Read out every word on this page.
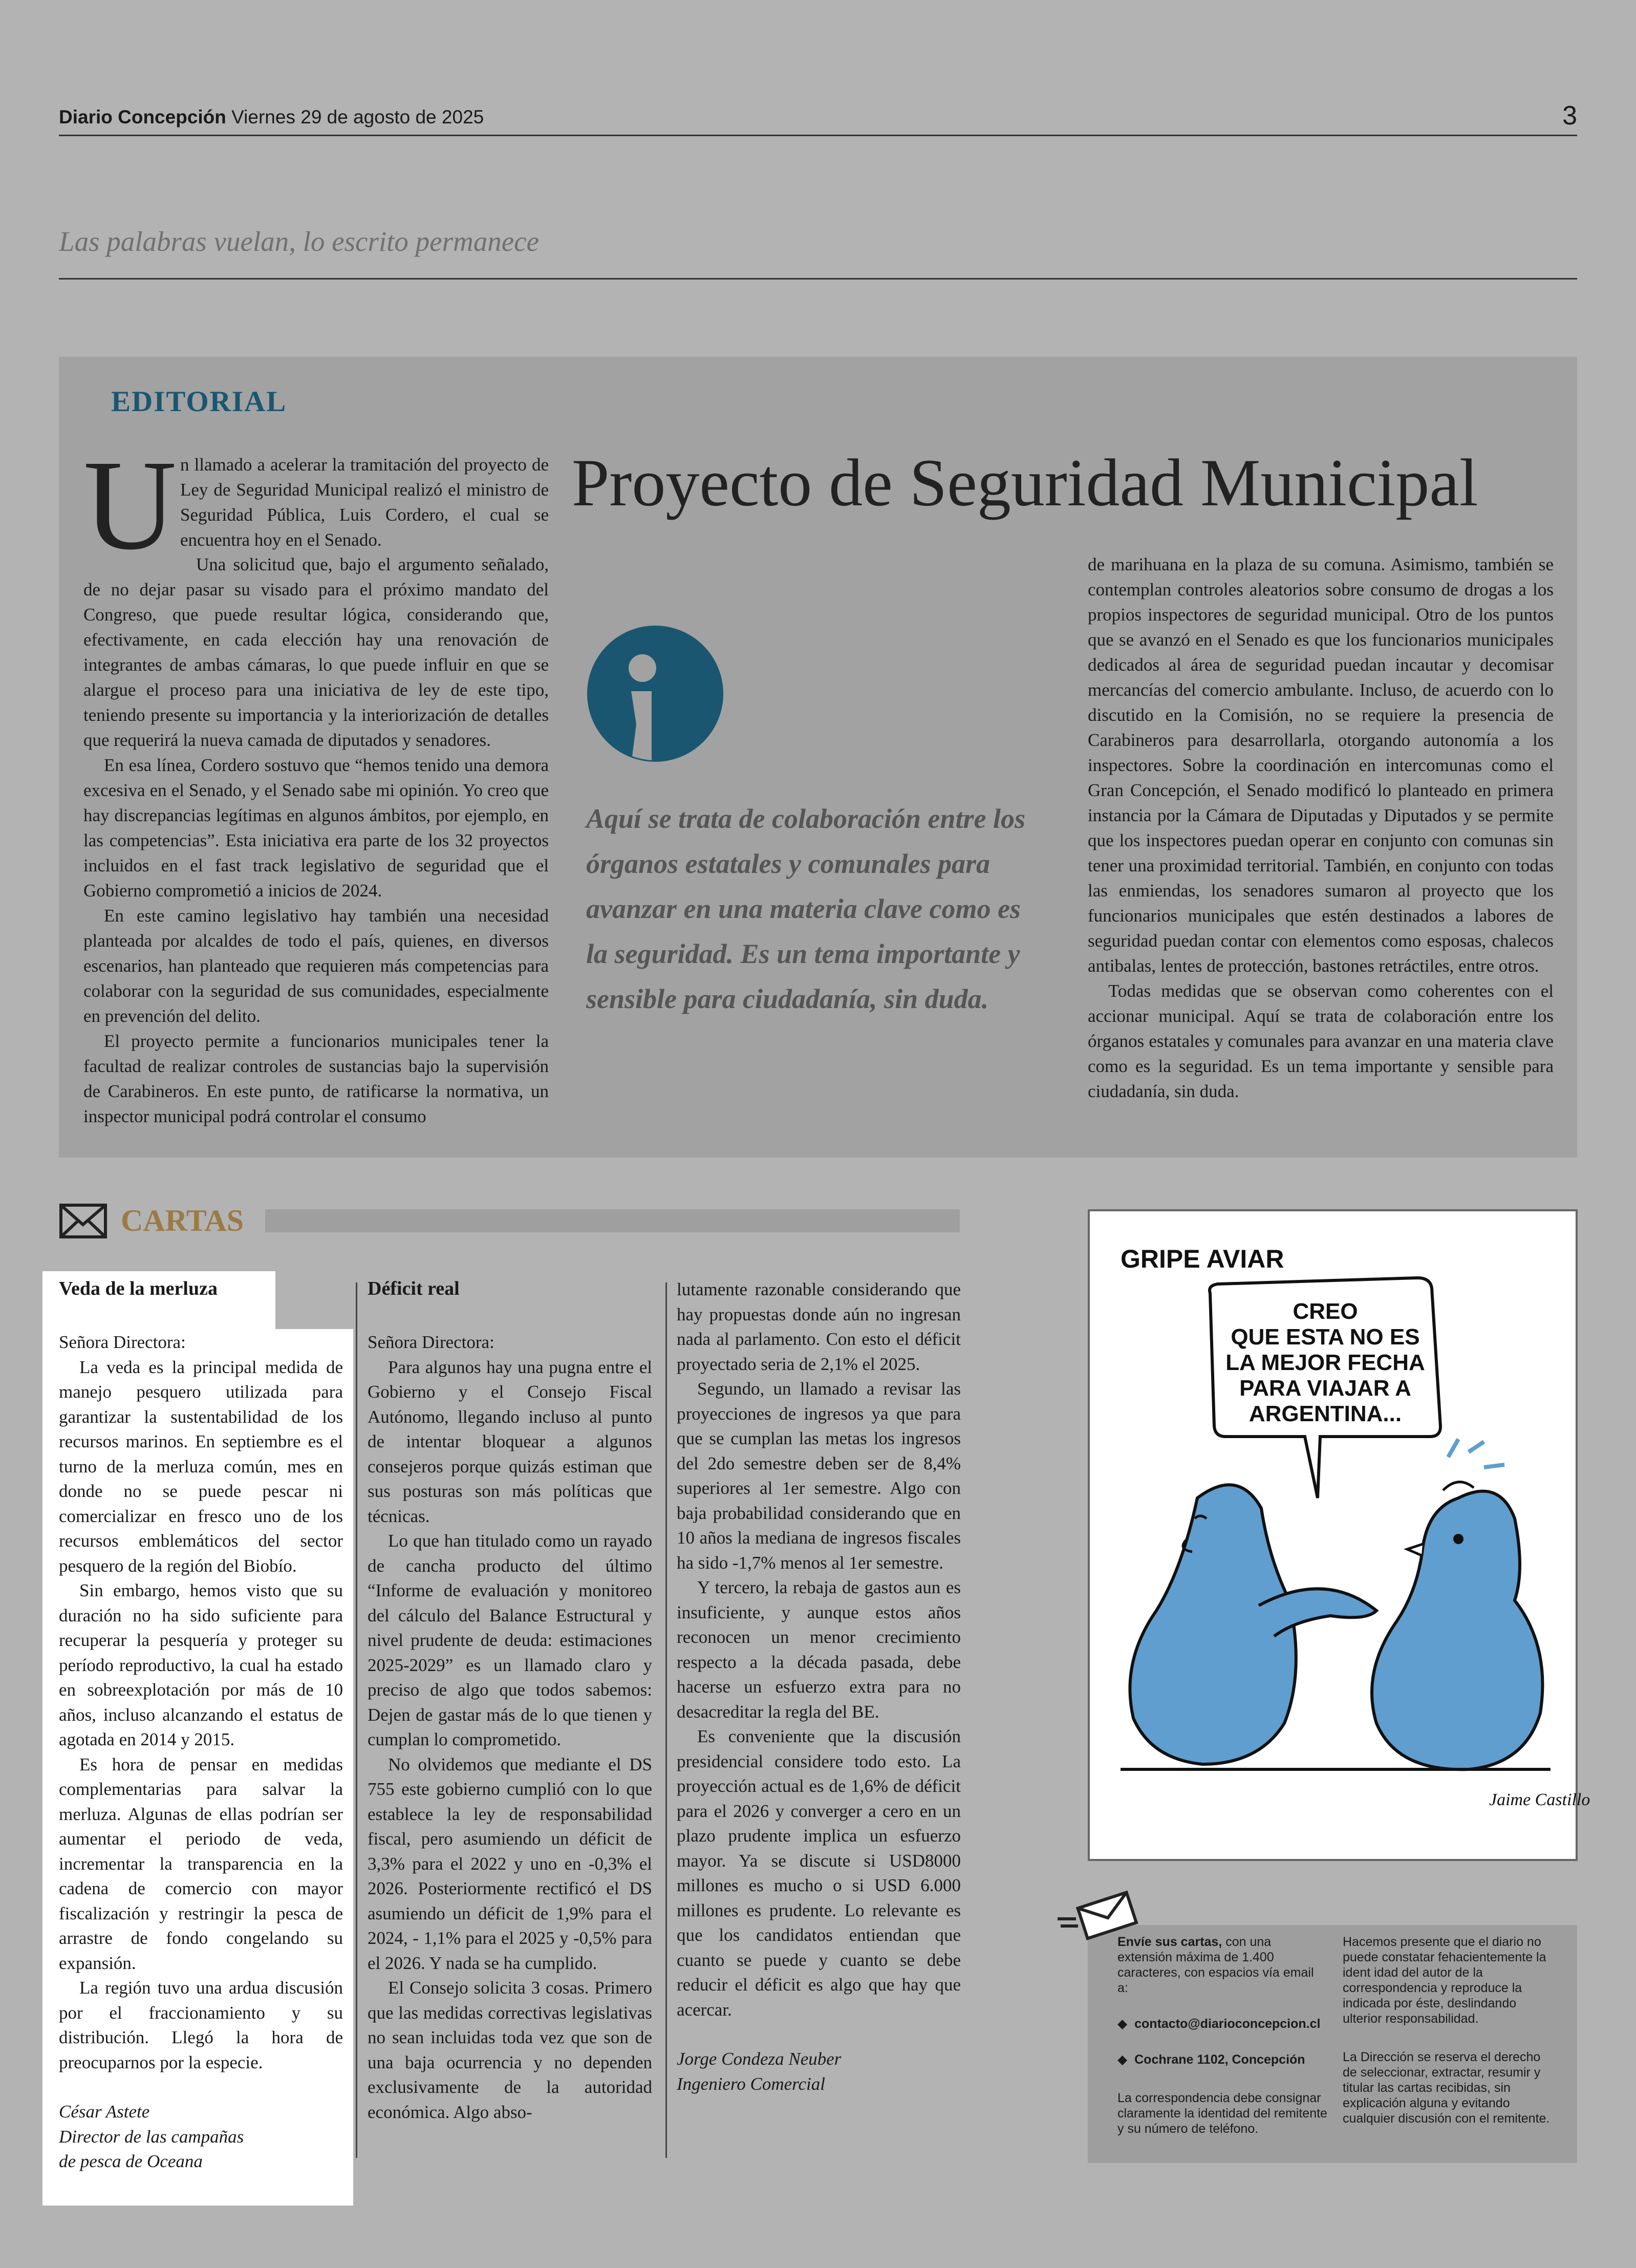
Diario Concepción Viernes 29 de agosto de 2025	3
Las palabras vuelan, lo escrito permanece
EDITORIAL
U n llamado a acelerar la tramitación del proyecto de Ley de Seguridad Municipal realizó el ministro de Seguridad Pública, Luis Cordero, el cual se encuentra hoy en el Senado.

Una solicitud que, bajo el argumento señalado, de no dejar pasar su visado para el próximo mandato del Congreso, que puede resultar lógica, considerando que, efectivamente, en cada elección hay una renovación de integrantes de ambas cámaras, lo que puede influir en que se alargue el proceso para una iniciativa de ley de este tipo, teniendo presente su importancia y la interiorización de detalles que requerirá la nueva camada de diputados y senadores.

En esa línea, Cordero sostuvo que “hemos tenido una demora excesiva en el Senado, y el Senado sabe mi opinión. Yo creo que hay discrepancias legítimas en algunos ámbitos, por ejemplo, en las competencias”. Esta iniciativa era parte de los 32 proyectos incluidos en el fast track legislativo de seguridad que el Gobierno comprometió a inicios de 2024.

En este camino legislativo hay también una necesidad planteada por alcaldes de todo el país, quienes, en diversos escenarios, han planteado que requieren más competencias para colaborar con la seguridad de sus comunidades, especialmente en prevención del delito.

El proyecto permite a funcionarios municipales tener la facultad de realizar controles de sustancias bajo la supervisión de Carabineros. En este punto, de ratificarse la normativa, un inspector municipal podrá controlar el consumo

Proyecto de Seguridad Municipal
Aquí se trata de colaboración entre los órganos estatales y comunales para avanzar en una materia clave como es la seguridad. Es un tema importante y sensible para ciudadanía, sin duda.

de marihuana en la plaza de su comuna. Asimismo, también se contemplan controles aleatorios sobre consumo de drogas a los propios inspectores de seguridad municipal. Otro de los puntos que se avanzó en el Senado es que los funcionarios municipales dedicados al área de seguridad puedan incautar y decomisar mercancías del comercio ambulante. Incluso, de acuerdo con lo discutido en la Comisión, no se requiere la presencia de Carabineros para desarrollarla, otorgando autonomía a los inspectores. Sobre la coordinación en intercomunas como el Gran Concepción, el Senado modificó lo planteado en primera instancia por la Cámara de Diputadas y Diputados y se permite que los inspectores puedan operar en conjunto con comunas sin tener una proximidad territorial. También, en conjunto con todas las enmiendas, los senadores sumaron al proyecto que los funcionarios municipales que estén destinados a labores de seguridad puedan contar con elementos como esposas, chalecos antibalas, lentes de protección, bastones retráctiles, entre otros.

Todas medidas que se observan como coherentes con el accionar municipal. Aquí se trata de colaboración entre los órganos estatales y comunales para avanzar en una materia clave como es la seguridad. Es un tema importante y sensible para ciudadanía, sin duda.

CARTAS
Veda de la merluza

Señora Directora:

La veda es la principal medida de manejo pesquero utilizada para garantizar la sustentabilidad de los recursos marinos. En septiembre es el turno de la merluza común, mes en donde no se puede pescar ni comercializar en fresco uno de los recursos emblemáticos del sector pesquero de la región del Biobío.

Sin embargo, hemos visto que su duración no ha sido suficiente para recuperar la pesquería y proteger su período reproductivo, la cual ha estado en sobreexplotación por más de 10 años, incluso alcanzando el estatus de agotada en 2014 y 2015.

Es hora de pensar en medidas complementarias para salvar la merluza. Algunas de ellas podrían ser aumentar el periodo de veda, incrementar la transparencia en la cadena de comercio con mayor fiscalización y restringir la pesca de arrastre de fondo congelando su expansión.

La región tuvo una ardua discusión por el fraccionamiento y su distribución. Llegó la hora de preocuparnos por la especie.

César Astete

Director de las campañas

de pesca de Oceana

Déficit real

Señora Directora:

Para algunos hay una pugna entre el Gobierno y el Consejo Fiscal Autónomo, llegando incluso al punto de intentar bloquear a algunos consejeros porque quizás estiman que sus posturas son más políticas que técnicas.

Lo que han titulado como un rayado de cancha producto del último “Informe de evaluación y monitoreo del cálculo del Balance Estructural y nivel prudente de deuda: estimaciones 2025-2029” es un llamado claro y preciso de algo que todos sabemos: Dejen de gastar más de lo que tienen y cumplan lo comprometido.

No olvidemos que mediante el DS 755 este gobierno cumplió con lo que establece la ley de responsabilidad fiscal, pero asumiendo un déficit de 3,3% para el 2022 y uno en -0,3% el 2026. Posteriormente rectificó el DS asumiendo un déficit de 1,9% para el 2024, - 1,1% para el 2025 y -0,5% para el 2026. Y nada se ha cumplido.

El Consejo solicita 3 cosas. Primero que las medidas correctivas legislativas no sean incluidas toda vez que son de una baja ocurrencia y no dependen exclusivamente de la autoridad económica. Algo abso-

lutamente razonable considerando que hay propuestas donde aún no ingresan nada al parlamento. Con esto el déficit proyectado seria de 2,1% el 2025.

Segundo, un llamado a revisar las proyecciones de ingresos ya que para que se cumplan las metas los ingresos del 2do semestre deben ser de 8,4% superiores al 1er semestre. Algo con baja probabilidad considerando que en 10 años la mediana de ingresos fiscales ha sido -1,7% menos al 1er semestre.

Y tercero, la rebaja de gastos aun es insuficiente, y aunque estos años reconocen un menor crecimiento respecto a la década pasada, debe hacerse un esfuerzo extra para no desacreditar la regla del BE.

Es conveniente que la discusión presidencial considere todo esto. La proyección actual es de 1,6% de déficit para el 2026 y converger a cero en un plazo prudente implica un esfuerzo mayor. Ya se discute si USD8000 millones es mucho o si USD 6.000 millones es prudente. Lo relevante es que los candidatos entiendan que cuanto se puede y cuanto se debe reducir el déficit es algo que hay que acercar.

Jorge Condeza Neuber

Ingeniero Comercial

GRIPE AVIAR
CREO
QUE ESTA NO ES
LA MEJOR FECHA
PARA VIAJAR A
ARGENTINA...
Jaime Castillo

Envíe sus cartas, con una extensión máxima de 1.400 caracteres, con espacios vía email a:

◆  contacto@diarioconcepcion.cl

◆  Cochrane 1102, Concepción

La correspondencia debe consignar claramente la identidad del remitente y su número de teléfono.

Hacemos presente que el diario no puede constatar fehacientemente la ident idad del autor de la correspondencia y reproduce la indicada por éste, deslindando ulterior responsabilidad.

La Dirección se reserva el derecho de seleccionar, extractar, resumir y titular las cartas recibidas, sin explicación alguna y evitando cualquier discusión con el remitente.
